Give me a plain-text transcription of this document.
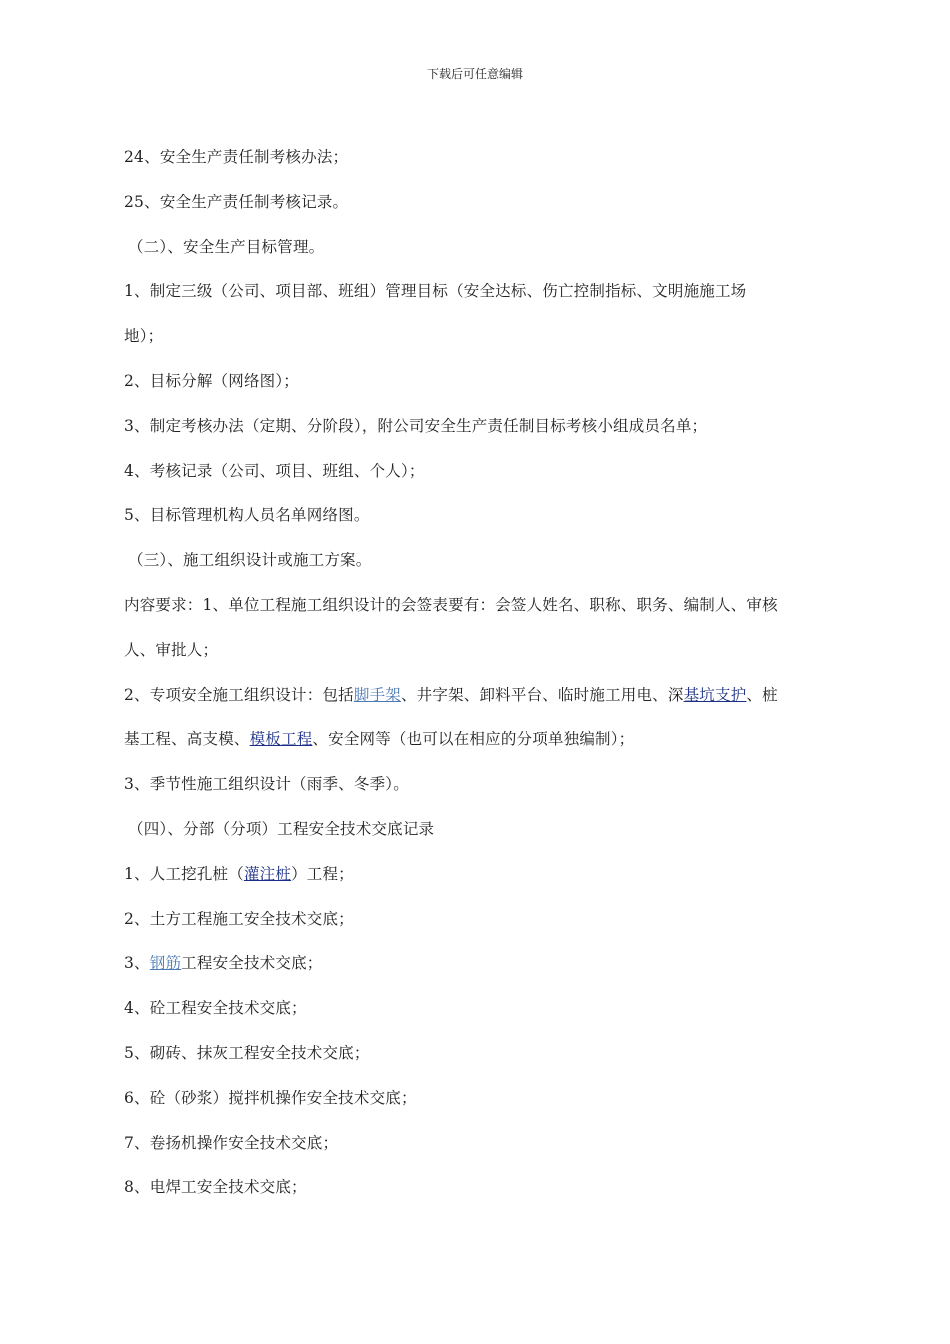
下载后可任意编辑
24、安全生产责任制考核办法；
25、安全生产责任制考核记录。
（二）、安全生产目标管理。
1、制定三级（公司、项目部、班组）管理目标（安全达标、伤亡控制指标、文明施施工场
地）；
2、目标分解（网络图）；
3、制定考核办法（定期、分阶段），附公司安全生产责任制目标考核小组成员名单；
4、考核记录（公司、项目、班组、个人）；
5、目标管理机构人员名单网络图。
（三）、施工组织设计或施工方案。
内容要求：1、单位工程施工组织设计的会签表要有：会签人姓名、职称、职务、编制人、审核
人、审批人；
2、专项安全施工组织设计：包括脚手架、井字架、卸料平台、临时施工用电、深基坑支护、桩
基工程、高支模、模板工程、安全网等（也可以在相应的分项单独编制）；
3、季节性施工组织设计（雨季、冬季）。
（四）、分部（分项）工程安全技术交底记录
1、人工挖孔桩（灌注桩）工程；
2、土方工程施工安全技术交底；
3、钢筋工程安全技术交底；
4、砼工程安全技术交底；
5、砌砖、抹灰工程安全技术交底；
6、砼（砂浆）搅拌机操作安全技术交底；
7、卷扬机操作安全技术交底；
8、电焊工安全技术交底；
